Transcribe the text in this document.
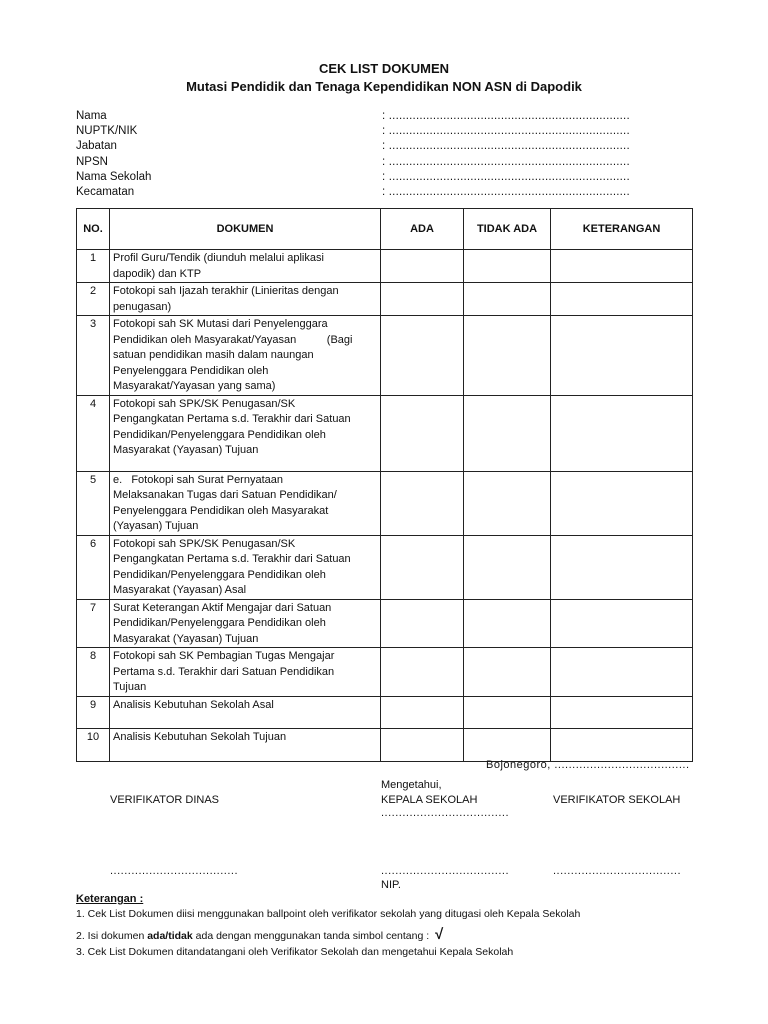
CEK LIST DOKUMEN
Mutasi Pendidik dan Tenaga Kependidikan NON ASN di Dapodik
Nama	: .......................................................................
NUPTK/NIK	: .......................................................................
Jabatan	: .......................................................................
NPSN	: .......................................................................
Nama Sekolah	: .......................................................................
Kecamatan	: .......................................................................
NO.	DOKUMEN	ADA	TIDAK ADA	KETERANGAN
1	Profil Guru/Tendik (diunduh melalui aplikasi
dapodik) dan KTP			

2	Fotokopi sah Ijazah terakhir (Linieritas dengan
penugasan)			

3	Fotokopi sah SK Mutasi dari Penyelenggara
Pendidikan oleh Masyarakat/Yayasan          (Bagi
satuan pendidikan masih dalam naungan
Penyelenggara Pendidikan oleh
Masyarakat/Yayasan yang sama)			

4	Fotokopi sah SPK/SK Penugasan/SK
Pengangkatan Pertama s.d. Terakhir dari Satuan
Pendidikan/Penyelenggara Pendidikan oleh
Masyarakat (Yayasan) Tujuan			

5	e.   Fotokopi sah Surat Pernyataan
Melaksanakan Tugas dari Satuan Pendidikan/
Penyelenggara Pendidikan oleh Masyarakat
(Yayasan) Tujuan			

6	Fotokopi sah SPK/SK Penugasan/SK
Pengangkatan Pertama s.d. Terakhir dari Satuan
Pendidikan/Penyelenggara Pendidikan oleh
Masyarakat (Yayasan) Asal			

7	Surat Keterangan Aktif Mengajar dari Satuan
Pendidikan/Penyelenggara Pendidikan oleh
Masyarakat (Yayasan) Tujuan			

8	Fotokopi sah SK Pembagian Tugas Mengajar
Pertama s.d. Terakhir dari Satuan Pendidikan
Tujuan			

9	Analisis Kebutuhan Sekolah Asal			

10	Analisis Kebutuhan Sekolah Tujuan			

Bojonegoro, ......................................
Mengetahui,
VERIFIKATOR DINAS	KEPALA SEKOLAH	VERIFIKATOR SEKOLAH
....................................
....................................	....................................	....................................
NIP.
Keterangan :
1. Cek List Dokumen diisi menggunakan ballpoint oleh verifikator sekolah yang ditugasi oleh Kepala Sekolah
2. Isi dokumen ada/tidak ada dengan menggunakan tanda simbol centang :  √
3. Cek List Dokumen ditandatangani oleh Verifikator Sekolah dan mengetahui Kepala Sekolah
